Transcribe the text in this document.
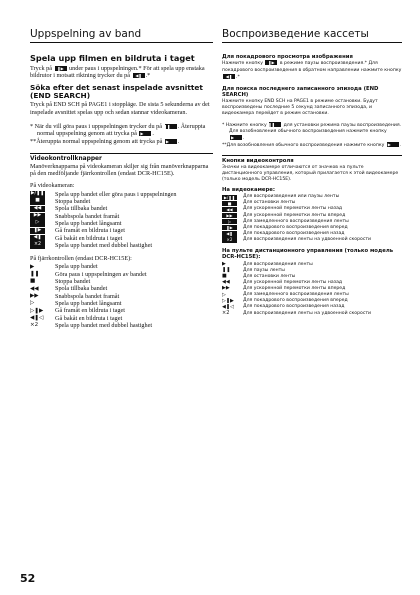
Uppspelning av band
Spela upp filmen en bildruta i taget

Tryck på ❚▶ under paus i uppspelningen.* För att spela upp enstaka bildrutor i motsatt riktning trycker du på ◀❚ .*

Söka efter det senast inspelade avsnittet (END SEARCH)

Tryck på END SCH på PAGE1 i stoppläge. De sista 5 sekunderna av det inspelade avsnittet spelas upp och sedan stannar videokameran.

* När du vill göra paus i uppspelningen trycker du på ❚❚ . Återuppta normal uppspelning genom att trycka på ▶ .

**Återuppta normal uppspelning genom att trycka på ▶ .

Videokontrollknapper

Manöverknapparna på videokameran skiljer sig från manöverknapparna på den medföljande fjärrkontrollen (endast DCR-HC15E).

På videokameran:

▶/❚❚ Spela upp bandet eller göra paus i uppspelningen
■	Stoppa bandet
◀◀	Spola tillbaka bandet
▶▶	Snabbspola bandet framåt
▷	Spela upp bandet långsamt
❚▶	Gå framåt en bildruta i taget
◀❚	Gå bakåt en bildruta i taget
×2	Spela upp bandet med dubbel hastighet

På fjärrkontrollen (endast DCR-HC15E):

▶	Spela upp bandet
❚❚	Göra paus i uppspelningen av bandet
■	Stoppa bandet
◀◀	Spola tillbaka bandet
▶▶	Snabbspola bandet framåt
▷	Spela upp bandet långsamt
▷❚▶ Gå framåt en bildruta i taget
◀❚◁ Gå bakåt en bildruta i taget
×2	Spela upp bandet med dubbel hastighet
Воспроизведение кассеты
Для покадрового просмотра изображения

Нажмите кнопку ❚▶ в режиме паузы воспроизведения.* Для покадрового воспроизведения в обратном направлении нажмите кнопку ◀❚ .*

Для поиска последнего записанного эпизода (END SEARCH)

Нажмите кнопку END SCH на PAGE1 в режиме остановки. Будут воспроизведены последние 5 секунд записанного эпизода, и видеокамера перейдет в режим остановки.

* Нажмите кнопку ❚❚ для установки режима паузы воспроизведения. Для возобновления обычного воспроизведения нажмите кнопку ▶ .

**Для возобновления обычного воспроизведения нажмите кнопку ▶ .

Кнопки видеоконтроля

Значки на видеокамере отличаются от значков на пульте дистанционного управления, который прилагается к этой видеокамере (только модель DCR-HC15E).

На видеокамере:

▶/❚❚	Для воспроизведения или паузы ленты
■	Для остановки ленты
◀◀	Для ускоренной перемотки ленты назад
▶▶	Для ускоренной перемотки ленты вперед
▷	Для замедленного воспроизведения ленты
❚▶	Для покадрового воспроизведения вперед
◀❚	Для покадрового воспроизведения назад
×2	Для воспроизведения ленты на удвоенной скорости

На пульте дистанционного управления (только модель DCR-HC15E):

▶	Для воспроизведения ленты
❚❚	Для паузы ленты
■	Для остановки ленты
◀◀	Для ускоренной перемотки ленты назад
▶▶	Для ускоренной перемотки ленты вперед
▷	Для замедленного воспроизведения ленты
▷❚▶ Для покадрового воспроизведения вперед
◀❚◁ Для покадрового воспроизведения назад
×2	Для воспроизведения ленты на удвоенной скорости
52
